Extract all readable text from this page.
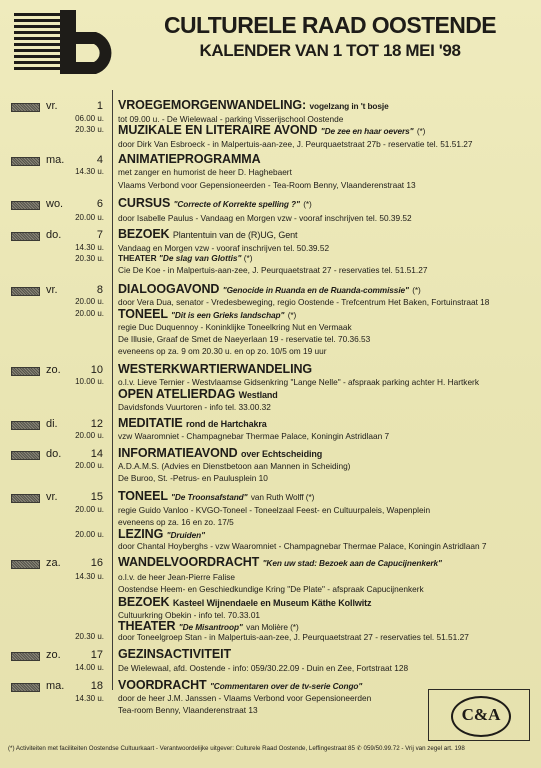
CULTURELE RAAD OOSTENDE
KALENDER VAN 1 TOT 18 MEI '98
vr.	1 VROEGEMORGENWANDELING: vogelzang in 't bosje
06.00 u. tot 09.00 u. - De Wielewaal - parking Visserijschool Oostende
20.30 u. MUZIKALE EN LITERAIRE AVOND "De zee en haar oevers" (*)
door Dirk Van Esbroeck - in Malpertuis-aan-zee, J. Peurquaetstraat 27b - reservatie tel. 51.51.27
ma.	4 ANIMATIEPROGRAMMA
14.30 u. met zanger en humorist de heer D. Haghebaert
Vlaams Verbond voor Gepensioneerden - Tea-Room Benny, Vlaanderenstraat 13
wo.	6 CURSUS "Correcte of Korrekte spelling ?" (*)
20.00 u. door Isabelle Paulus - Vandaag en Morgen vzw - vooraf inschrijven tel. 50.39.52
do.	7 BEZOEK Plantentuin van de (R)UG, Gent
14.30 u. Vandaag en Morgen vzw - vooraf inschrijven tel. 50.39.52
20.30 u. THEATER "De slag van Glottis" (*)
Cie De Koe - in Malpertuis-aan-zee, J. Peurquaetstraat 27 - reservaties tel. 51.51.27
vr.	8 DIALOOGAVOND "Genocide in Ruanda en de Ruanda-commissie" (*)
20.00 u. door Vera Dua, senator - Vredesbeweging, regio Oostende - Trefcentrum Het Baken, Fortuinstraat 18
20.00 u. TONEEL "Dit is een Grieks landschap" (*)
regie Duc Duquennoy - Koninklijke Toneelkring Nut en Vermaak
De Illusie, Graaf de Smet de Naeyerlaan 19 - reservatie tel. 70.36.53
eveneens op za. 9 om 20.30 u. en op zo. 10/5 om 19 uur
zo.	10 WESTERKWARTIERWANDELING
10.00 u. o.l.v. Lieve Ternier - Westvlaamse Gidsenkring "Lange Nelle" - afspraak parking achter H. Hartkerk
OPEN ATELIERDAG Westland
Davidsfonds Vuurtoren - info tel. 33.00.32
di.	12 MEDITATIE rond de Hartchakra
20.00 u. vzw Waaromniet - Champagnebar Thermae Palace, Koningin Astridlaan 7
do.	14 INFORMATIEAVOND over Echtscheiding
20.00 u. A.D.A.M.S. (Advies en Dienstbetoon aan Mannen in Scheiding)
De Buroo, St. -Petrus- en Paulusplein 10
vr.	15 TONEEL "De Troonsafstand" van Ruth Wolff (*)
20.00 u. regie Guido Vanloo - KVGO-Toneel - Toneelzaal Feest- en Cultuurpaleis, Wapenplein
eveneens op za. 16 en zo. 17/5
20.00 u. LEZING "Druiden"
door Chantal Hoyberghs - vzw Waaromniet - Champagnebar Thermae Palace, Koningin Astridlaan 7
za.	16 WANDELVOORDRACHT "Ken uw stad: Bezoek aan de Capucijnenkerk"
14.30 u. o.l.v. de heer Jean-Pierre Falise
Oostendse Heem- en Geschiedkundige Kring "De Plate" - afspraak Capucijnenkerk
BEZOEK Kasteel Wijnendaele en Museum Käthe Kollwitz
Cultuurkring Obekin - info tel. 70.33.01
20.30 u.
THEATER "De Misantroop" van Molière (*)
door Toneelgroep Stan - in Malpertuis-aan-zee, J. Peurquaetstraat 27 - reservaties tel. 51.51.27
zo.	17 GEZINSACTIVITEIT
14.00 u. De Wielewaal, afd. Oostende - info: 059/30.22.09 - Duin en Zee, Fortstraat 128
ma.	18 VOORDRACHT "Commentaren over de tv-serie Congo"
14.30 u. door de heer J.M. Janssen - Vlaams Verbond voor Gepensioneerden
Tea-room Benny, Vlaanderenstraat 13	C&A
(*) Activiteiten met faciliteiten Oostendse Cultuurkaart - Verantwoordelijke uitgever: Culturele Raad Oostende, Leffingestraat 85 ✆ 059/50.99.72 - Vrij van zegel art. 198
